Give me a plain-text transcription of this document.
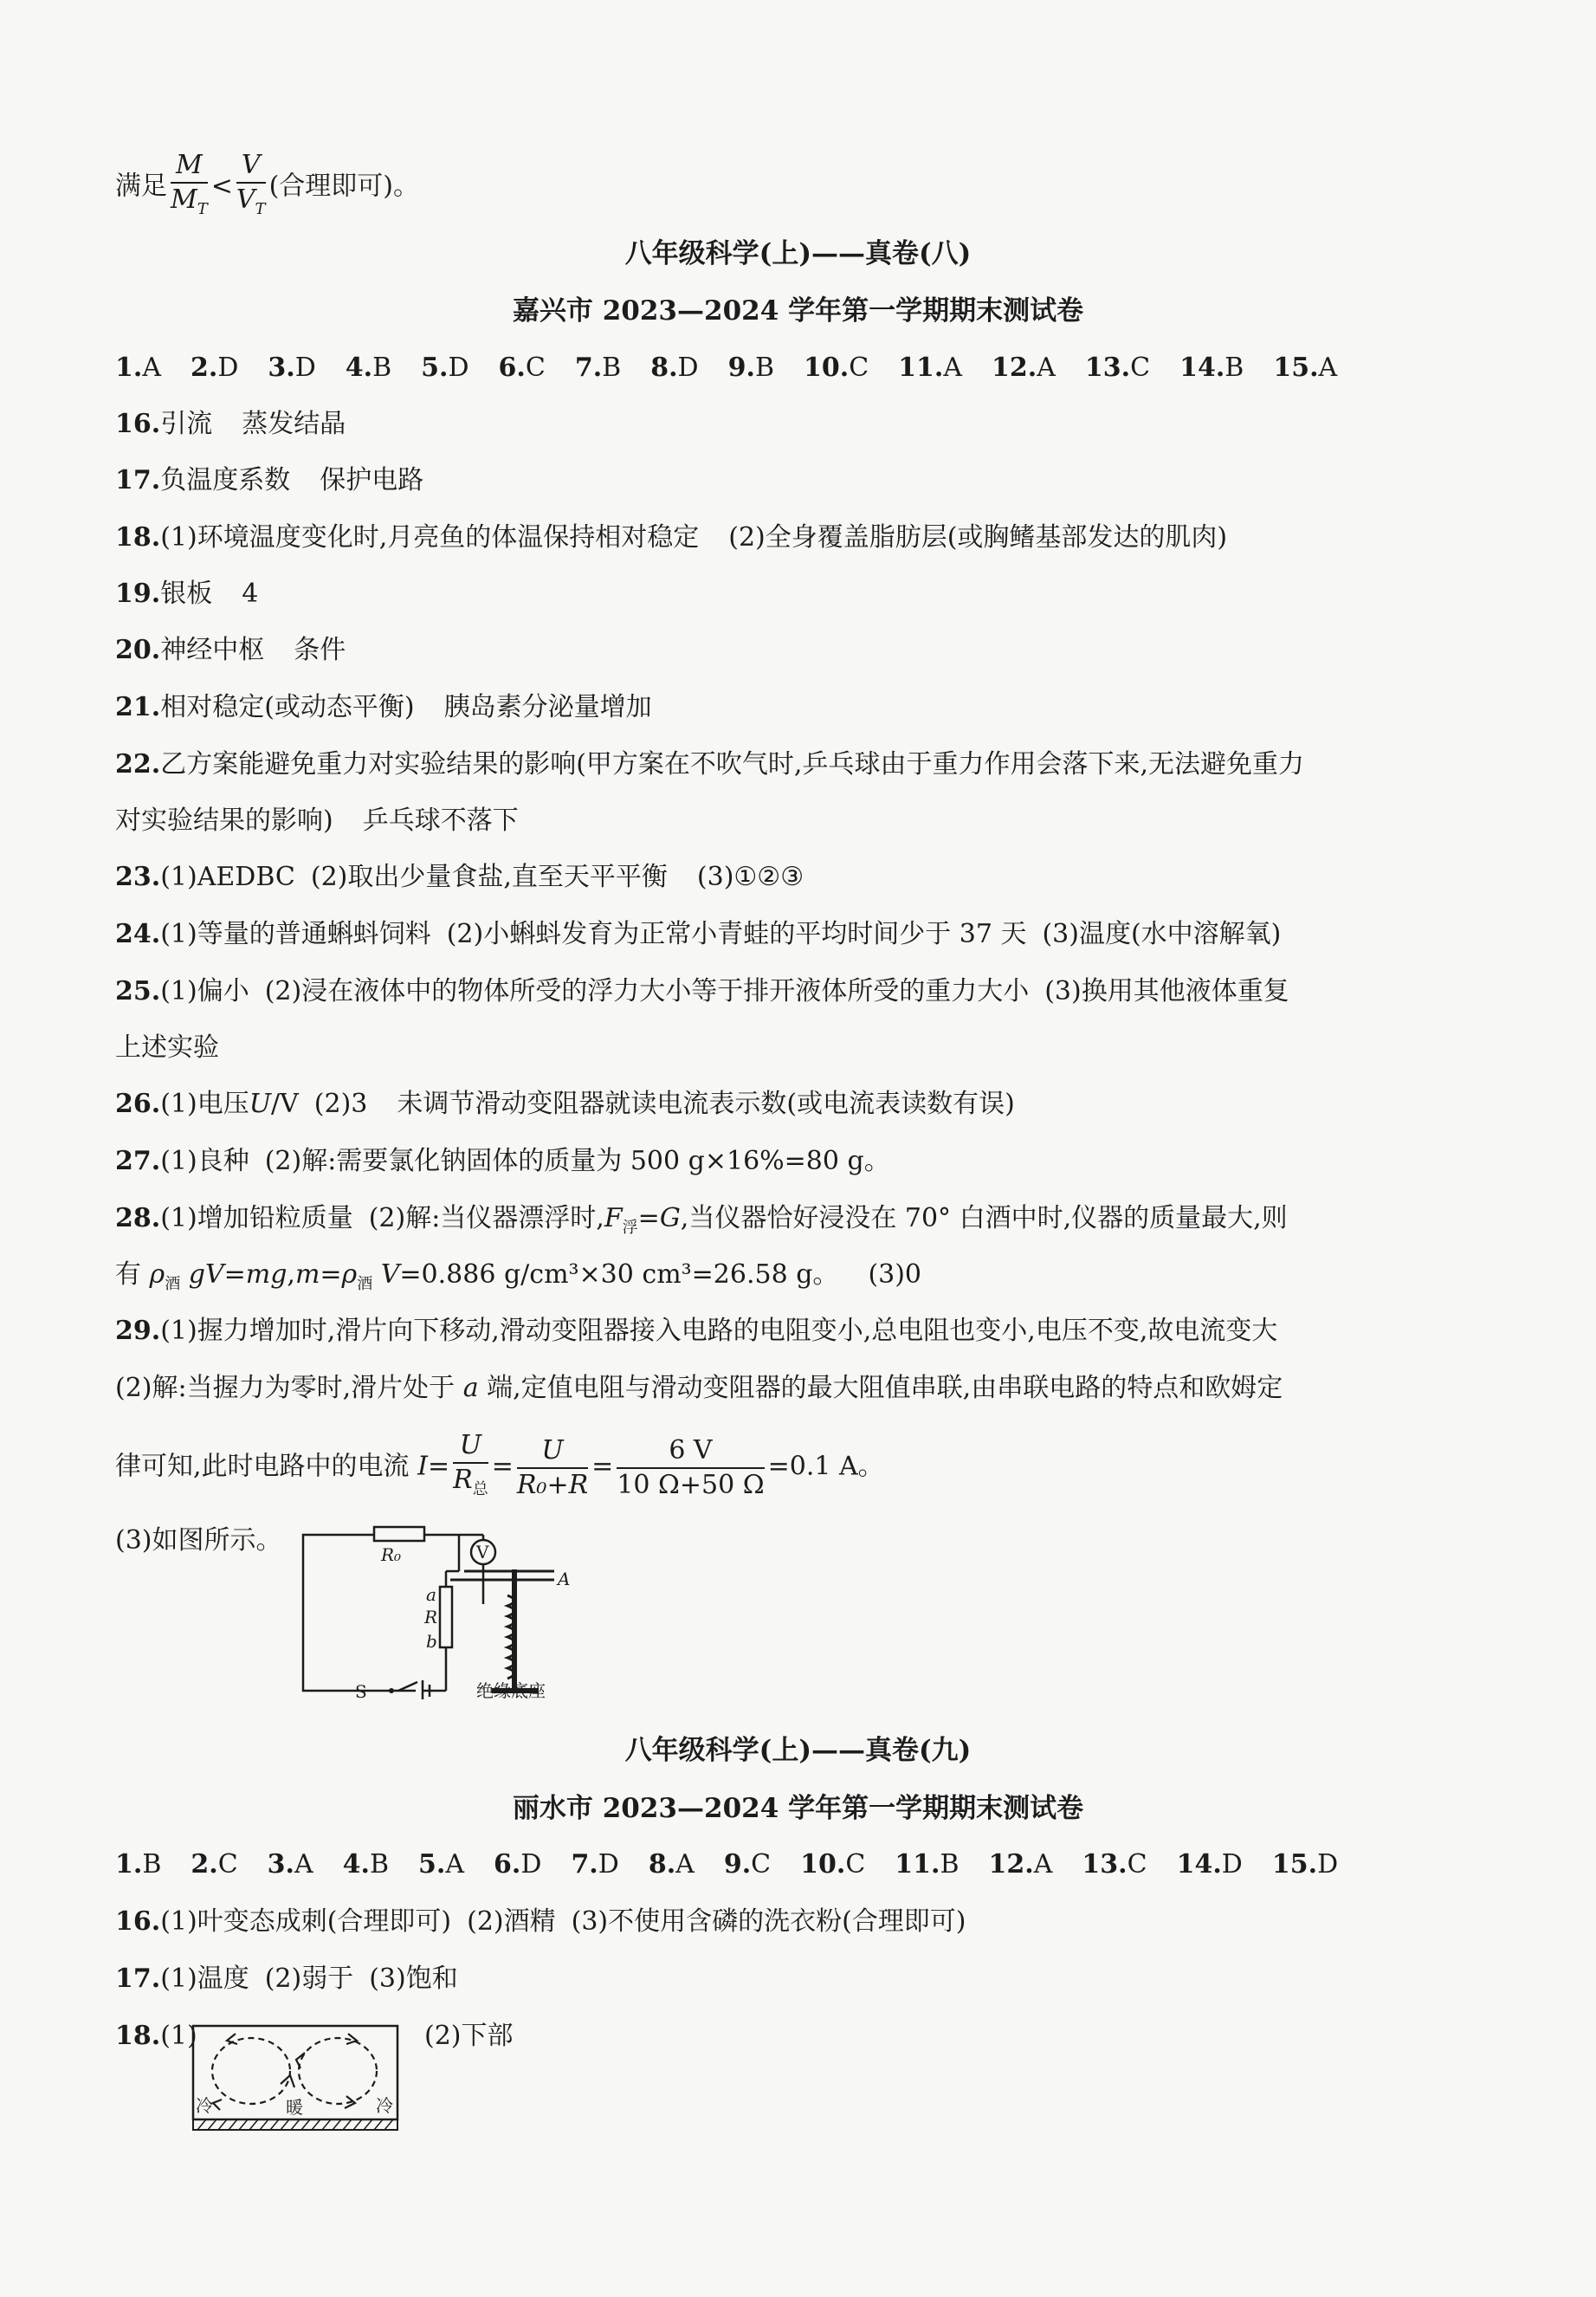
满足 $\frac{M}{M_T} < \frac{V}{V_T}$ (合理即可)。
八年级科学(上)——真卷(八)
嘉兴市 2023—2024 学年第一学期期末测试卷
1.A 2.D 3.D 4.B 5.D 6.C 7.B 8.D 9.B 10.C 11.A 12.A 13.C 14.B 15.A
16.引流 蒸发结晶
17.负温度系数 保护电路
18.(1)环境温度变化时,月亮鱼的体温保持相对稳定 (2)全身覆盖脂肪层(或胸鳍基部发达的肌肉)
19.银板 4
20.神经中枢 条件
21.相对稳定(或动态平衡) 胰岛素分泌量增加
22.乙方案能避免重力对实验结果的影响(甲方案在不吹气时,乒乓球由于重力作用会落下来,无法避免重力
对实验结果的影响) 乒乓球不落下
23.(1)AEDBC (2)取出少量食盐,直至天平平衡 (3)①②③
24.(1)等量的普通蝌蚪饲料 (2)小蝌蚪发育为正常小青蛙的平均时间少于 37 天 (3)温度(水中溶解氧)
25.(1)偏小 (2)浸在液体中的物体所受的浮力大小等于排开液体所受的重力大小 (3)换用其他液体重复
上述实验
26.(1)电压U/V (2)3 未调节滑动变阻器就读电流表示数(或电流表读数有误)
27.(1)良种 (2)解:需要氯化钠固体的质量为 500 g×16%=80 g。
28.(1)增加铅粒质量 (2)解:当仪器漂浮时$,F_浮=G$,当仪器恰好浸没在 70° 白酒中时,仪器的质量最大,则
有 $\rho_酒$ $gV=mg,m=\rho_酒$ V=0.886 g/cm³×30 cm³=26.58 g。 (3)0
29.(1)握力增加时,滑片向下移动,滑动变阻器接入电路的电阻变小,总电阻也变小,电压不变,故电流变大
(2)解:当握力为零时,滑片处于 a 端,定值电阻与滑动变阻器的最大阻值串联,由串联电路的特点和欧姆定
律可知,此时电路中的电流 $I= \frac{U}{R_总} = \frac{U}{\text{R₀+R}} = \frac{6 V}{10 \Omega+50 \Omega} =0.1$ A。
(3)如图所示。	V
R₀
a
R
b
S
A
绝缘底座
八年级科学(上)——真卷(九)
丽水市 2023—2024 学年第一学期期末测试卷
1.B 2.C 3.A 4.B 5.A 6.D 7.D 8.A 9.C 10.C 11.B 12.A 13.C 14.D 15.D
16.(1)叶变态成刺(合理即可) (2)酒精 (3)不使用含磷的洗衣粉(合理即可)
17.(1)温度 (2)弱于 (3)饱和
18.(1)	(2)下部
冷	暖	冷
